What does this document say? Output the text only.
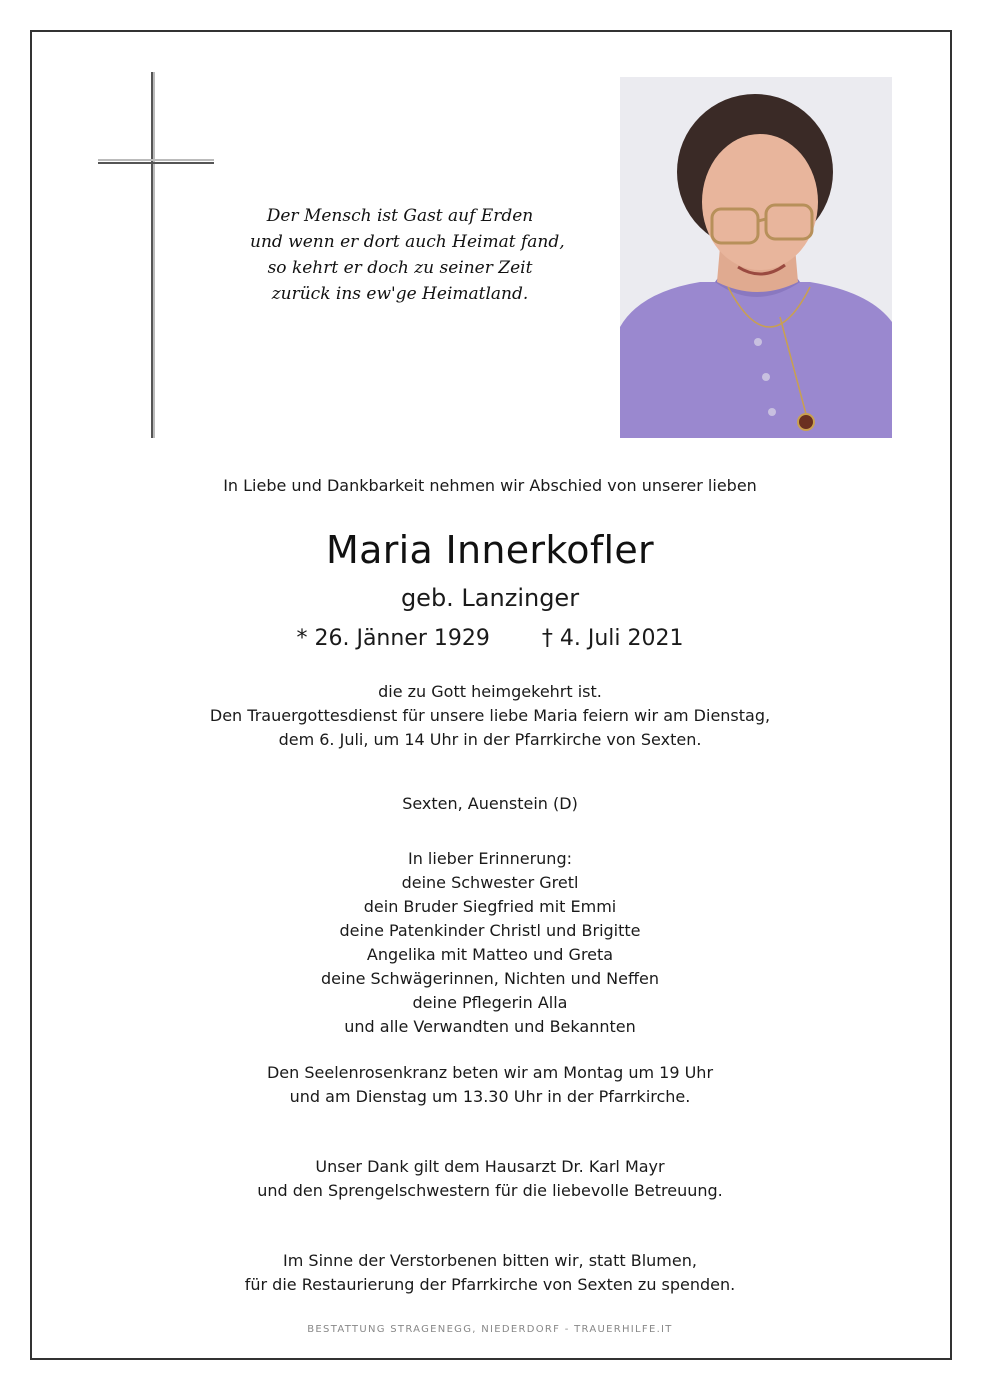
Der Mensch ist Gast auf Erden
und wenn er dort auch Heimat fand,
so kehrt er doch zu seiner Zeit
zurück ins ew'ge Heimatland.
In Liebe und Dankbarkeit nehmen wir Abschied von unserer lieben
Maria Innerkofler
geb. Lanzinger
* 26. Jänner 1929 † 4. Juli 2021
die zu Gott heimgekehrt ist.
Den Trauergottesdienst für unsere liebe Maria feiern wir am Dienstag,
dem 6. Juli, um 14 Uhr in der Pfarrkirche von Sexten.
Sexten, Auenstein (D)
In lieber Erinnerung:
deine Schwester Gretl
dein Bruder Siegfried mit Emmi
deine Patenkinder Christl und Brigitte
Angelika mit Matteo und Greta
deine Schwägerinnen, Nichten und Neffen
deine Pflegerin Alla
und alle Verwandten und Bekannten
Den Seelenrosenkranz beten wir am Montag um 19 Uhr
und am Dienstag um 13.30 Uhr in der Pfarrkirche.
Unser Dank gilt dem Hausarzt Dr. Karl Mayr
und den Sprengelschwestern für die liebevolle Betreuung.
Im Sinne der Verstorbenen bitten wir, statt Blumen,
für die Restaurierung der Pfarrkirche von Sexten zu spenden.
BESTATTUNG STRAGENEGG, NIEDERDORF - TRAUERHILFE.IT
